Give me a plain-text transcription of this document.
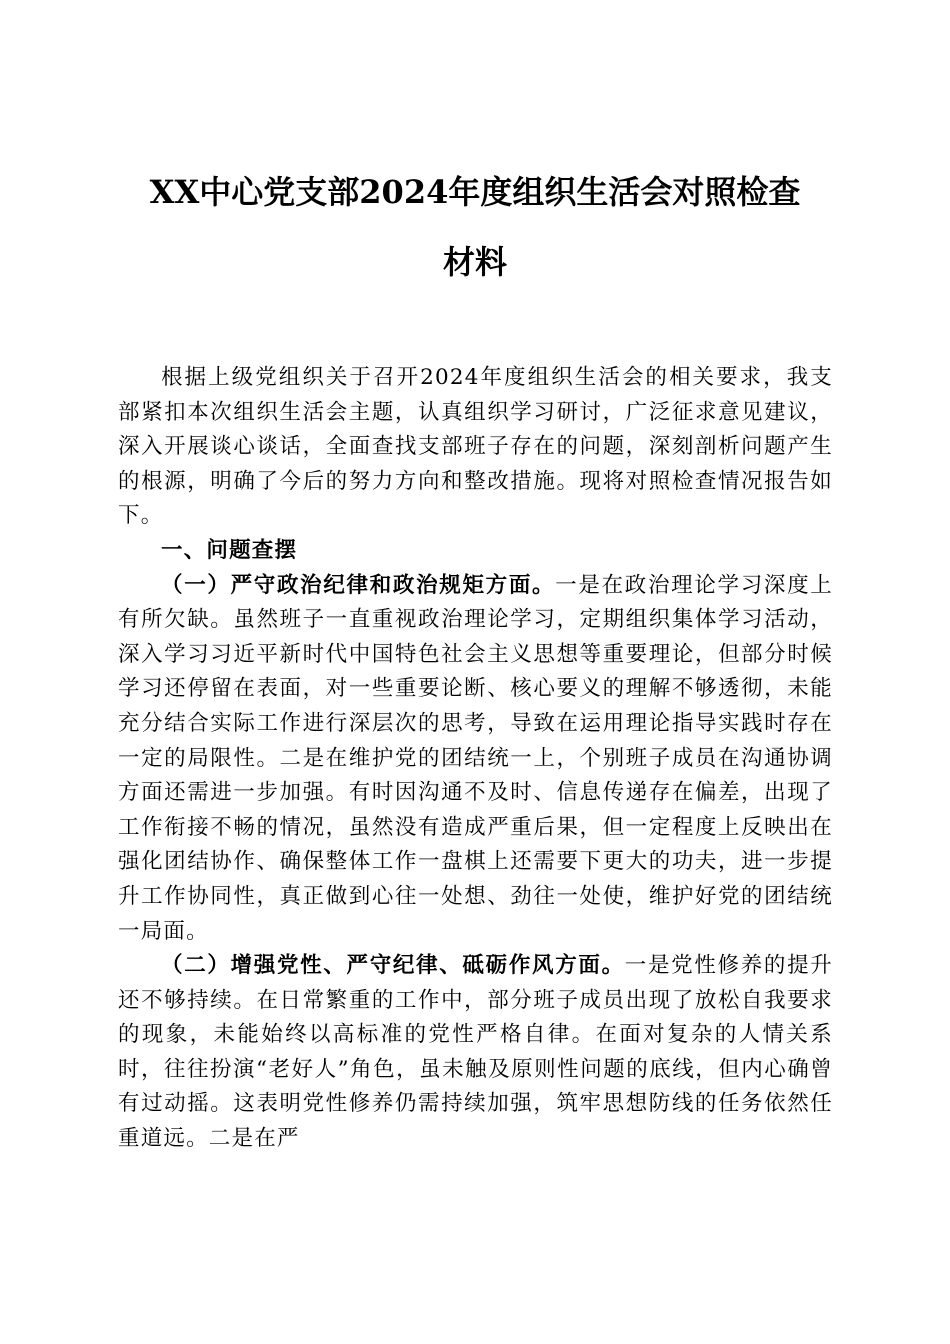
XX中心党支部2024年度组织生活会对照检查
材料

根据上级党组织关于召开2024年度组织生活会的相关要求，我支部紧扣本次组织生活会主题，认真组织学习研讨，广泛征求意见建议，深入开展谈心谈话，全面查找支部班子存在的问题，深刻剖析问题产生的根源，明确了今后的努力方向和整改措施。现将对照检查情况报告如下。

一、问题查摆

（一）严守政治纪律和政治规矩方面。一是在政治理论学习深度上有所欠缺。虽然班子一直重视政治理论学习，定期组织集体学习活动，深入学习习近平新时代中国特色社会主义思想等重要理论，但部分时候学习还停留在表面，对一些重要论断、核心要义的理解不够透彻，未能充分结合实际工作进行深层次的思考，导致在运用理论指导实践时存在一定的局限性。二是在维护党的团结统一上，个别班子成员在沟通协调方面还需进一步加强。有时因沟通不及时、信息传递存在偏差，出现了工作衔接不畅的情况，虽然没有造成严重后果，但一定程度上反映出在强化团结协作、确保整体工作一盘棋上还需要下更大的功夫，进一步提升工作协同性，真正做到心往一处想、劲往一处使，维护好党的团结统一局面。

（二）增强党性、严守纪律、砥砺作风方面。一是党性修养的提升还不够持续。在日常繁重的工作中，部分班子成员出现了放松自我要求的现象，未能始终以高标准的党性严格自律。在面对复杂的人情关系时，往往扮演“老好人”角色，虽未触及原则性问题的底线，但内心确曾有过动摇。这表明党性修养仍需持续加强，筑牢思想防线的任务依然任重道远。二是在严
